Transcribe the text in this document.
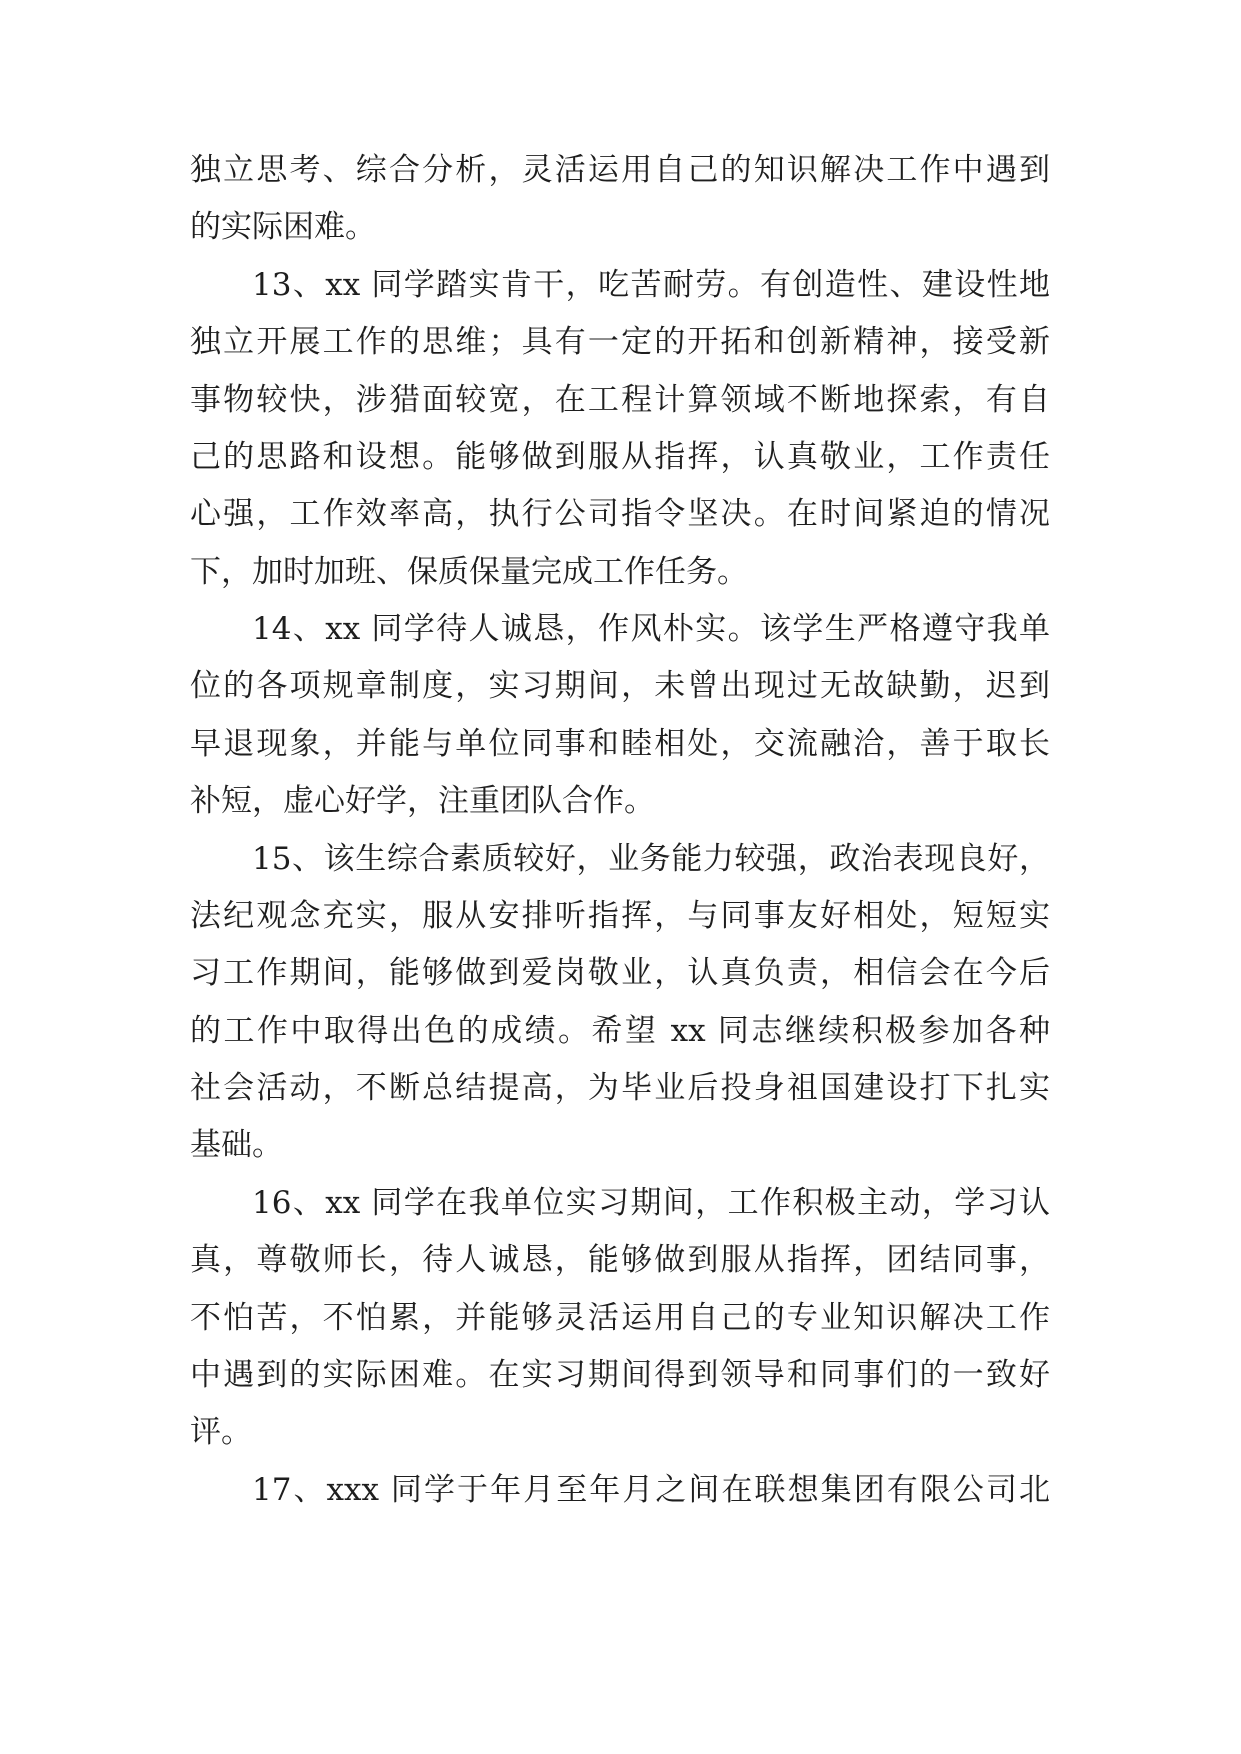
独立思考、综合分析，灵活运用自己的知识解决工作中遇到
的实际困难。
13、xx 同学踏实肯干，吃苦耐劳。有创造性、建设性地
独立开展工作的思维；具有一定的开拓和创新精神，接受新
事物较快，涉猎面较宽，在工程计算领域不断地探索，有自
己的思路和设想。能够做到服从指挥，认真敬业，工作责任
心强，工作效率高，执行公司指令坚决。在时间紧迫的情况
下，加时加班、保质保量完成工作任务。
14、xx 同学待人诚恳，作风朴实。该学生严格遵守我单
位的各项规章制度，实习期间，未曾出现过无故缺勤，迟到
早退现象，并能与单位同事和睦相处，交流融洽，善于取长
补短，虚心好学，注重团队合作。
15、该生综合素质较好，业务能力较强，政治表现良好，
法纪观念充实，服从安排听指挥，与同事友好相处，短短实
习工作期间，能够做到爱岗敬业，认真负责，相信会在今后
的工作中取得出色的成绩。希望 xx 同志继续积极参加各种
社会活动，不断总结提高，为毕业后投身祖国建设打下扎实
基础。
16、xx 同学在我单位实习期间，工作积极主动，学习认
真，尊敬师长，待人诚恳，能够做到服从指挥，团结同事，
不怕苦，不怕累，并能够灵活运用自己的专业知识解决工作
中遇到的实际困难。在实习期间得到领导和同事们的一致好
评。
17、xxx 同学于年月至年月之间在联想集团有限公司北
